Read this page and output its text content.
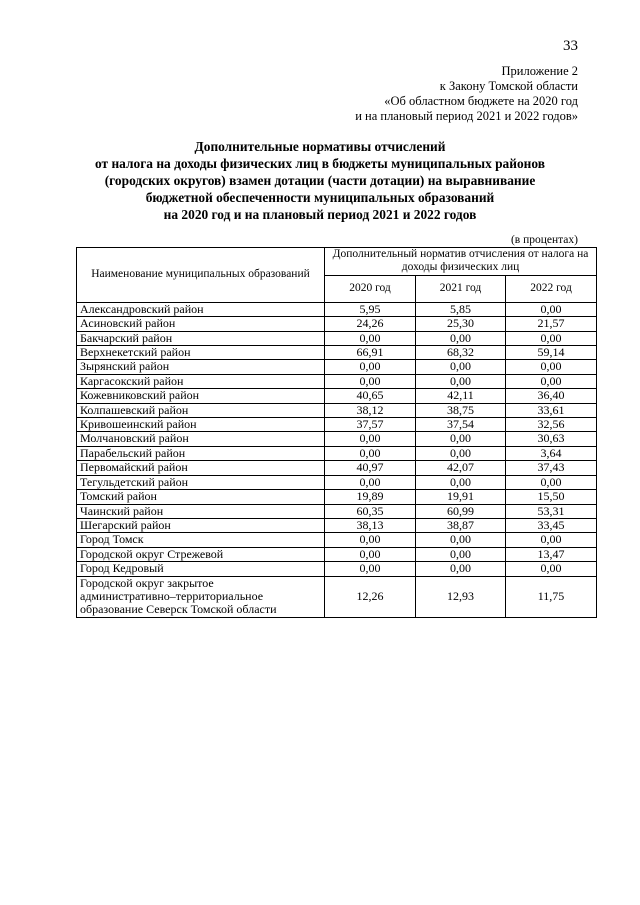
33
Приложение 2
к Закону Томской области
«Об областном бюджете на 2020 год
и на плановый период 2021 и 2022 годов»
Дополнительные нормативы отчислений
от налога на доходы физических лиц в бюджеты муниципальных районов
(городских округов) взамен дотации (части дотации) на выравнивание
бюджетной обеспеченности муниципальных образований
на 2020 год и на плановый период 2021 и 2022 годов
(в процентах)
Наименование муниципальных образований	Дополнительный норматив отчисления от налога на доходы физических лиц		
	2020 год	2021 год	2022 год
Александровский район	5,95	5,85	0,00
Асиновский район	24,26	25,30	21,57
Бакчарский район	0,00	0,00	0,00
Верхнекетский район	66,91	68,32	59,14
Зырянский район	0,00	0,00	0,00
Каргасокский район	0,00	0,00	0,00
Кожевниковский район	40,65	42,11	36,40
Колпашевский район	38,12	38,75	33,61
Кривошеинский район	37,57	37,54	32,56
Молчановский район	0,00	0,00	30,63
Парабельский район	0,00	0,00	3,64
Первомайский район	40,97	42,07	37,43
Тегульдетский район	0,00	0,00	0,00
Томский район	19,89	19,91	15,50
Чаинский район	60,35	60,99	53,31
Шегарский район	38,13	38,87	33,45
Город Томск	0,00	0,00	0,00
Городской округ Стрежевой	0,00	0,00	13,47
Город Кедровый	0,00	0,00	0,00

Городской округ закрытое
административно–территориальное
образование Северск Томской области	12,26	12,93	11,75
